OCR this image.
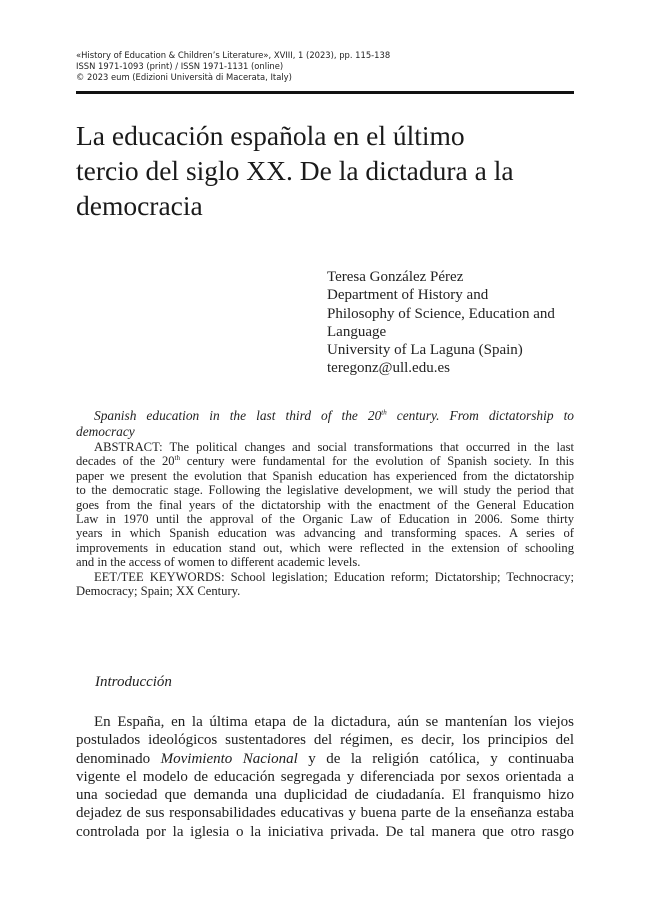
«History of Education & Children’s Literature», XVIII, 1 (2023), pp. 115-138
ISSN 1971-1093 (print) / ISSN 1971-1131 (online)
© 2023 eum (Edizioni Università di Macerata, Italy)
La educación española en el último
tercio del siglo XX. De la dictadura a la
democracia
Teresa González Pérez
Department of History and
Philosophy of Science, Education and
Language
University of La Laguna (Spain)
teregonz@ull.edu.es
Spanish education in the last third of the 20th century. From dictatorship to
democracy
ABSTRACT: The political changes and social transformations that occurred in the last
decades of the 20th century were fundamental for the evolution of Spanish society. In this
paper we present the evolution that Spanish education has experienced from the dictatorship
to the democratic stage. Following the legislative development, we will study the period that
goes from the final years of the dictatorship with the enactment of the General Education
Law in 1970 until the approval of the Organic Law of Education in 2006. Some thirty
years in which Spanish education was advancing and transforming spaces. A series of
improvements in education stand out, which were reflected in the extension of schooling
and in the access of women to different academic levels.
EET/TEE KEYWORDS: School legislation; Education reform; Dictatorship; Technocracy;
Democracy; Spain; XX Century.
Introducción
En España, en la última etapa de la dictadura, aún se mantenían los viejos
postulados ideológicos sustentadores del régimen, es decir, los principios del
denominado Movimiento Nacional y de la religión católica, y continuaba
vigente el modelo de educación segregada y diferenciada por sexos orientada a
una sociedad que demanda una duplicidad de ciudadanía. El franquismo hizo
dejadez de sus responsabilidades educativas y buena parte de la enseñanza estaba
controlada por la iglesia o la iniciativa privada. De tal manera que otro rasgo
